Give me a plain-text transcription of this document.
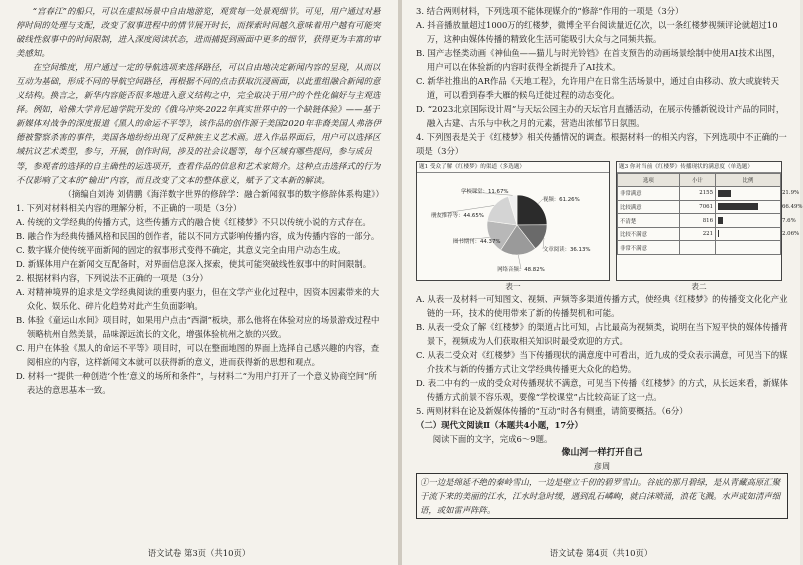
“宫春江”的船只，可以在虚拟场景中自由地游览，观赏每一处景观细节。可见，用户通过对悬停时间的处理与支配，改变了叙事进程中的情节展开时长，而探索时间越久意味着用户越有可能突破线性叙事中的时间限制，进入深度阅读状态，进而捕捉到画面中更多的细节，获得更为丰富的审美感知。

在空间维度，用户通过一定的导航选项来选择路径，可以自由地决定新闻内容的呈现，从而以互动为基础，形成不同的导航空间路径，再根据不同的点击获取沉浸画面，以此重组融合新闻的意义结构。换言之，新华内容能否很多地进入意义结构之中，完全取决于用户的个性化偏好与主观选择。例如，哈佛大学肯尼迪学院开发的《俄乌冲突-2022年真实世界中的一个缺链体验》——基于新媒体对战争的深度报道《黑人的命运不平等》，该作品的创作源于美国2020年非裔美国人弗洛伊德被警察杀害的事件，美国各地纷纷出现了反种族主义艺术画。进入作品界面后，用户可以选择区域抗议艺术类型，参与，开展，创作时间，涉及的社会议题等，每个区域有哪些提问，参与成员等，参观者的选择的自主确性的运选项开，查看作品的信息和艺术家简介。这种点击选择式的行为不仅影响了文本的“输出”内容，而且改变了文本的整体意义，赋予了文本新的解读。

（摘编自刘涛 刘倩鹏《海洋数字世界的修辞学：融合新闻叙事的数字修辞体系构建》）

1. 下列对材料相关内容的理解分析，不正确的一项是（3分）

A. 传统的文学经典的传播方式，这些传播方式的融合使《红楼梦》不只以传统小说的方式存在。

B. 融合作为经典传播风格和民国的创作者，能以不同方式影响传播内容，成为传播内容的一部分。

C. 数字媒介使传统平面新闻的固定的叙事形式变得不确定，其意义完全由用户动态生成。

D. 新媒体用户在新闻交互配备时，对界面信息深入探索，使其可能突破线性叙事中的时间限制。

2. 根据材料内容，下列说法不正确的一项是（3分）

A. 对精神境界的追求是文学经典阅读的重要内驱力，但在文学产业化过程中，因资本因素带来的大众化、娱乐化、碎片化趋势对此产生负面影响。

B. 体验《童运山水间》项目时，如果用户点击“西湖”板块，那么他将在体验对应的场景游戏过程中领略杭州自然美景，品味源远流长的文化，增强体验杭州之旅的兴致。

C. 用户在体验《黑人的命运不平等》项目时，可以在整面地图的界面上选择自己感兴趣的内容，查阅相应的内容，这样新闻文本就可以获得新的意义，进而获得新的思想和观点。

D. 材料一“提供一种创造‘个性’意义的场所和条件”，与材料二“为用户打开了一个意义协商空间”所表达的意思基本一致。

语文试卷 第3页（共10页）

3. 结合两则材料，下列选项不能体现媒介的“修辞”作用的一项是（3分）

A. 抖音播放量超过1000万的红楼梦，微博全平台阅读量近亿次，以一条红楼梦视频评论就超过10万，这种由媒体传播的精致化生活可能吸引大众与之同频共振。

B. 国产志怪类动画《神仙鱼——猫儿与时光铃铛》在首支预告的动画场景绘制中使用AI技术出图，用户可以在体验新的内容时获得全新提升了AI技术。

C. 新华社推出的AR作品《天地工程》，允许用户在日常生活场景中，通过自由移动、放大或旋转天道，可以看到春季大雁的候鸟迁徙过程的动态变化。

D. “2023北京国际设计周”与天坛公园主办的天坛官月直播活动，在展示传播新锐设计产品的同时，融入古建、古乐与中秋之月的元素，营造出浓郁节日氛围。

4. 下列图表是关于《红楼梦》相关传播情况的调查。根据材料一的相关内容，下列选项中不正确的一项是（3分）

题1 受众了解《红楼梦》的渠道（多选题）
视频：61.26%
文章阅读：36.13%
网络音频：48.82%
图书期刊：44.37%
朋友推荐等：44.65%
学校课堂：11.67%
题3 你对当前《红楼梦》传播现状的满意度（单选题）
选项	小计	比例
非常满意	2155	21.9%
比较满意	7061	66.49%
不清楚	816	7.6%
比较不满意	221	2.06%
非常不满意		
表一	表二

A. 从表一及材料一可知图文、视频、声频等多渠道传播方式，使经典《红楼梦》的传播变文化化产业链的一环，技术的使用带来了新的传播契机和可能。

B. 从表一受众了解《红楼梦》的渠道占比可知，占比最高为视频类，说明在当下短平快的媒体传播背景下，视频成为人们获取相关知识时最受欢迎的方式。

C. 从表二受众对《红楼梦》当下传播现状的满意度中可看出，近九成的受众表示满意，可见当下的媒介技术与新的传播方式让文学经典传播更大众化的趋势。

D. 表二中有约一成的受众对传播现状不满意，可见当下传播《红楼梦》的方式，从长远来看，新媒体传播方式前景不容乐观，要像“学校课堂”占比较高证了这一点。

5. 两则材料在论及新媒体传播的“互动”时各有侧重，请简要概括。（6分）

（二）现代文阅读Ⅱ（本题共4小题，17分）

阅读下面的文字，完成6～9题。

像山河一样打开自己

彦周

①一边是绵延不绝的秦岭雪山，一边是壁立千仞的碧罗雪山。谷底的那月碧绿，是从青藏高原汇聚于流下来的美丽的江水，江水时急时缓，遇到乱石嶙峋，就白沫喷涌，浪花飞溅。水声或如清声细语，或如雷声阵阵。
语文试卷 第4页（共10页）
